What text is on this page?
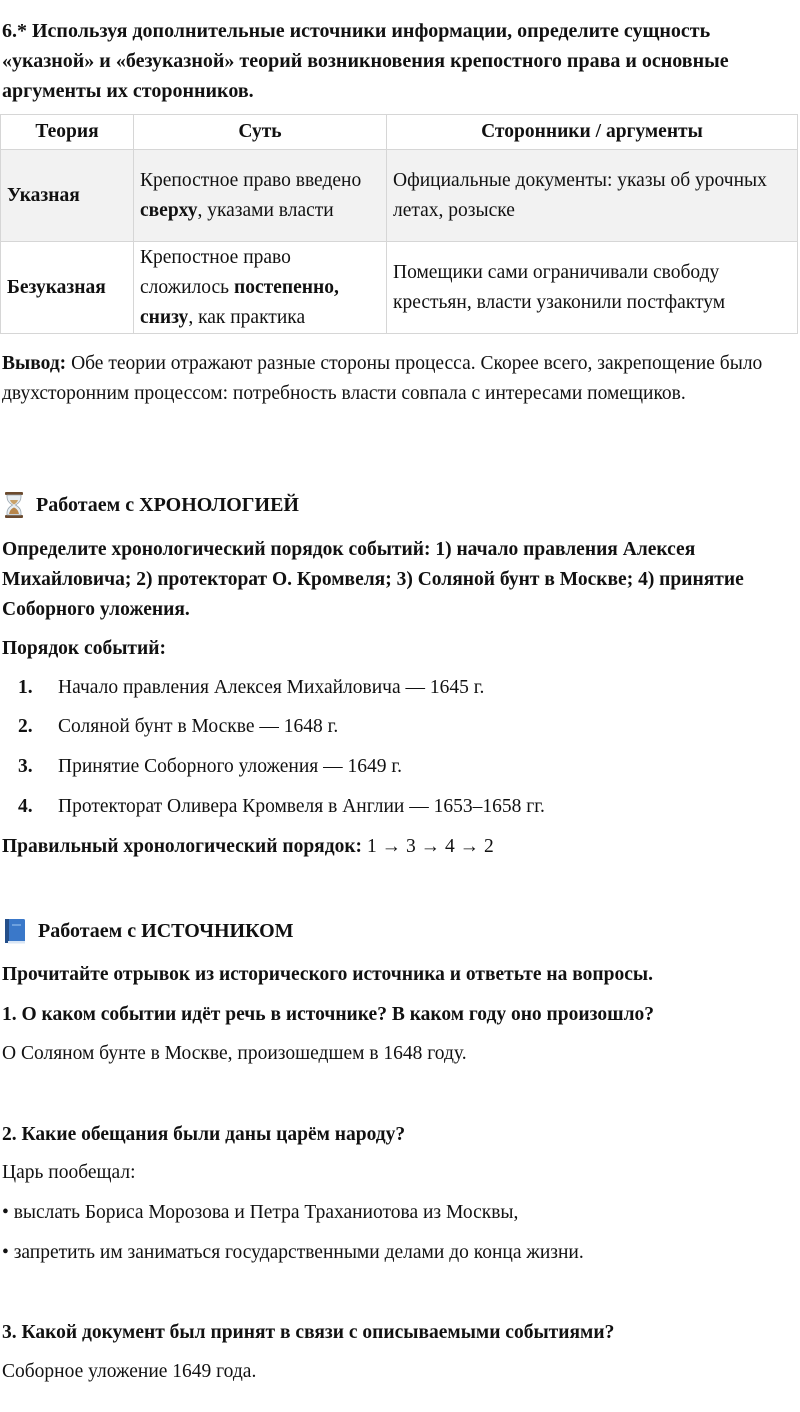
6.* Используя дополнительные источники информации, определите сущность «указной» и «безуказной» теорий возникновения крепостного права и основные аргументы их сторонников.
Теория	Суть	Сторонники / аргументы
Указная	Крепостное право введено сверху, указами власти	Официальные документы: указы об урочных летах, розыске
Безуказная	Крепостное право сложилось постепенно, снизу, как практика	Помещики сами ограничивали свободу крестьян, власти узаконили постфактум
Вывод: Обе теории отражают разные стороны процесса. Скорее всего, закрепощение было двухсторонним процессом: потребность власти совпала с интересами помещиков.
Работаем с ХРОНОЛОГИЕЙ
Определите хронологический порядок событий: 1) начало правления Алексея Михайловича; 2) протекторат О. Кромвеля; 3) Соляной бунт в Москве; 4) принятие Соборного уложения.
Порядок событий:
1.	Начало правления Алексея Михайловича — 1645 г.
2.	Соляной бунт в Москве — 1648 г.
3.	Принятие Соборного уложения — 1649 г.
4.	Протекторат Оливера Кромвеля в Англии — 1653–1658 гг.
Правильный хронологический порядок: 1 → 3 → 4 → 2
Работаем с ИСТОЧНИКОМ
Прочитайте отрывок из исторического источника и ответьте на вопросы.
1. О каком событии идёт речь в источнике? В каком году оно произошло?
О Соляном бунте в Москве, произошедшем в 1648 году.
2. Какие обещания были даны царём народу?
Царь пообещал:
• выслать Бориса Морозова и Петра Траханиотова из Москвы,
• запретить им заниматься государственными делами до конца жизни.
3. Какой документ был принят в связи с описываемыми событиями?
Соборное уложение 1649 года.
